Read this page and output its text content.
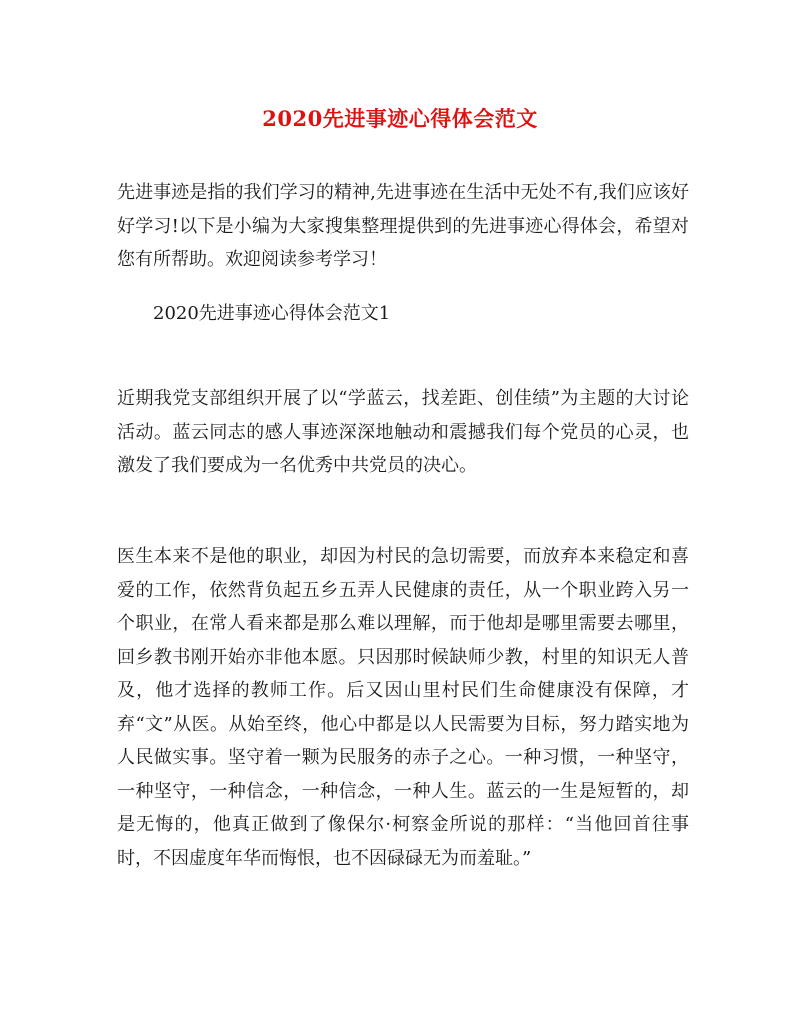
2020先进事迹心得体会范文

先进事迹是指的我们学习的精神,先进事迹在生活中无处不有,我们应该好好学习!以下是小编为大家搜集整理提供到的先进事迹心得体会，希望对您有所帮助。欢迎阅读参考学习！

2020先进事迹心得体会范文1

近期我党支部组织开展了以“学蓝云，找差距、创佳绩”为主题的大讨论活动。蓝云同志的感人事迹深深地触动和震撼我们每个党员的心灵，也激发了我们要成为一名优秀中共党员的决心。

医生本来不是他的职业，却因为村民的急切需要，而放弃本来稳定和喜爱的工作，依然背负起五乡五弄人民健康的责任，从一个职业跨入另一个职业，在常人看来都是那么难以理解，而于他却是哪里需要去哪里，回乡教书刚开始亦非他本愿。只因那时候缺师少教，村里的知识无人普及，他才选择的教师工作。后又因山里村民们生命健康没有保障，才弃“文”从医。从始至终，他心中都是以人民需要为目标，努力踏实地为人民做实事。坚守着一颗为民服务的赤子之心。一种习惯，一种坚守，一种坚守，一种信念，一种信念，一种人生。蓝云的一生是短暂的，却是无悔的，他真正做到了像保尔·柯察金所说的那样：“当他回首往事时，不因虚度年华而悔恨，也不因碌碌无为而羞耻。”
